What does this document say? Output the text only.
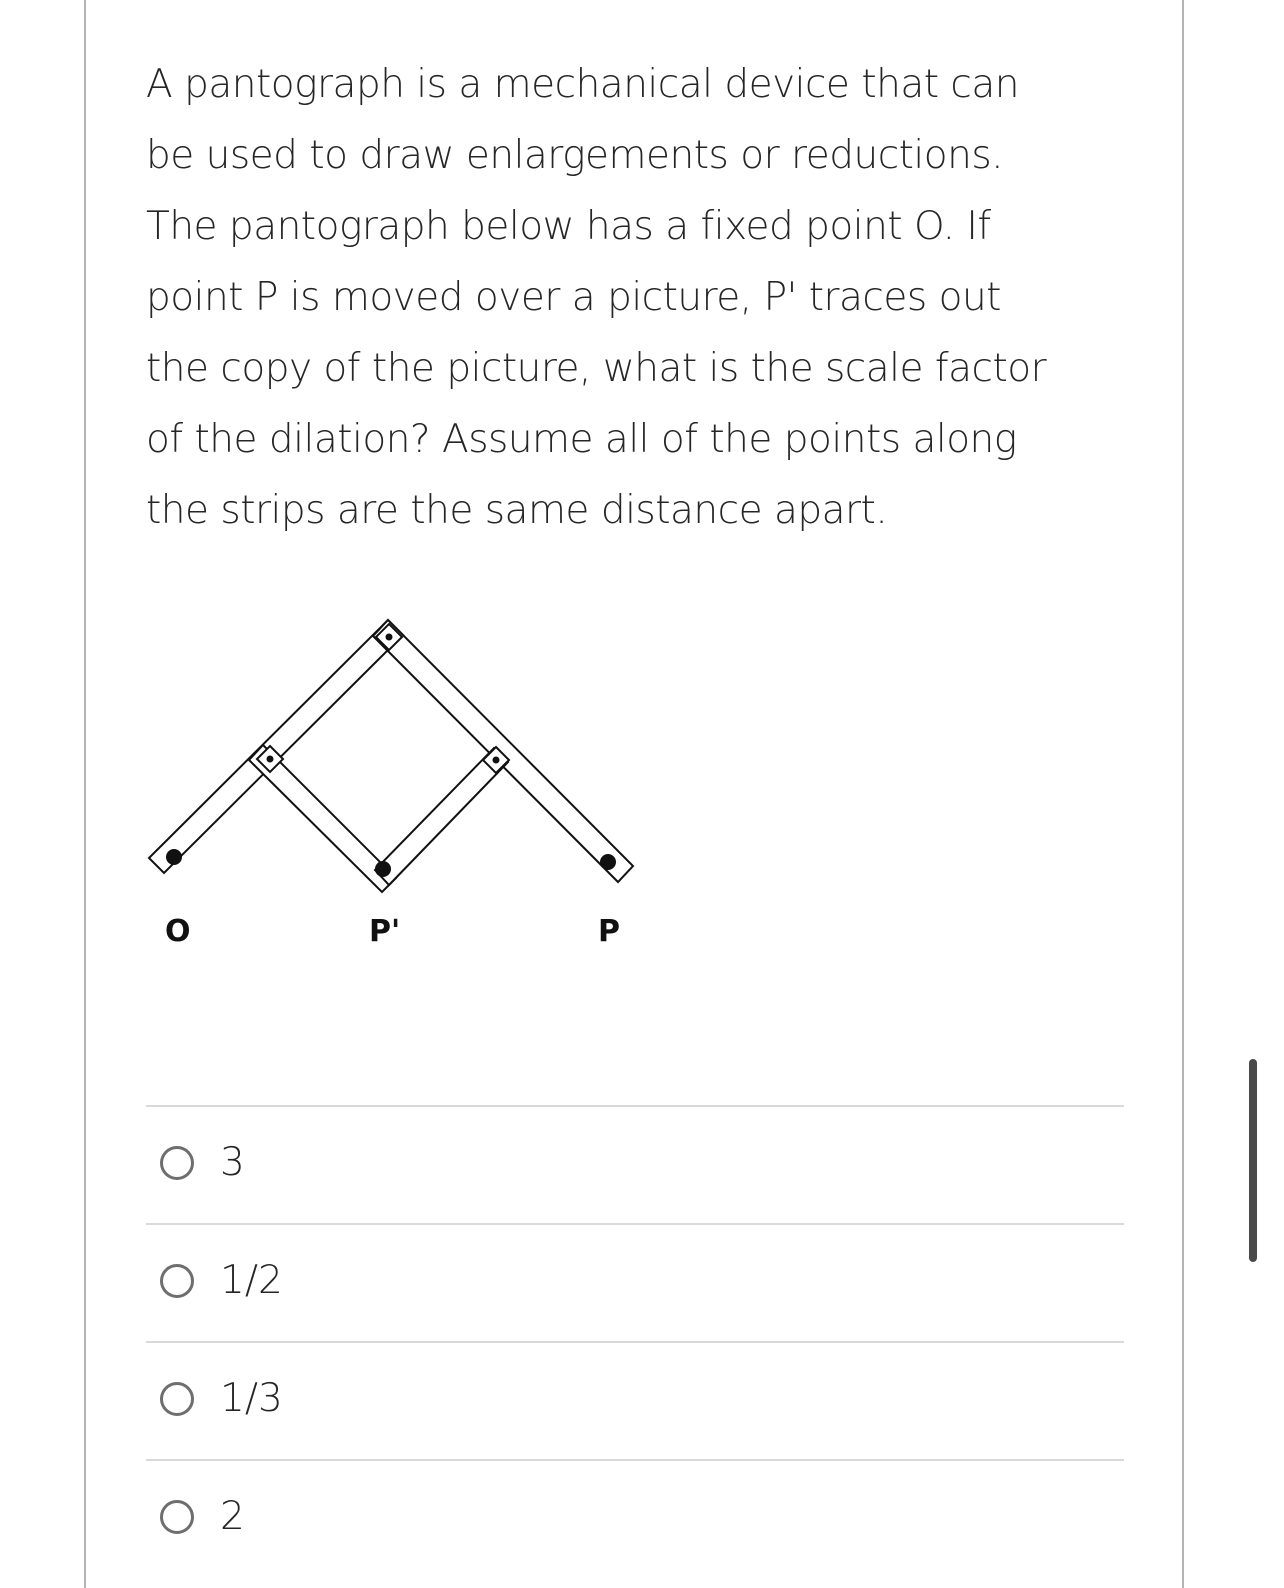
A pantograph is a mechanical device that can
be used to draw enlargements or reductions.
The pantograph below has a fixed point O. If
point P is moved over a picture, P' traces out
the copy of the picture, what is the scale factor
of the dilation? Assume all of the points along
the strips are the same distance apart.

O	P'	P
3
1/2
1/3
2
